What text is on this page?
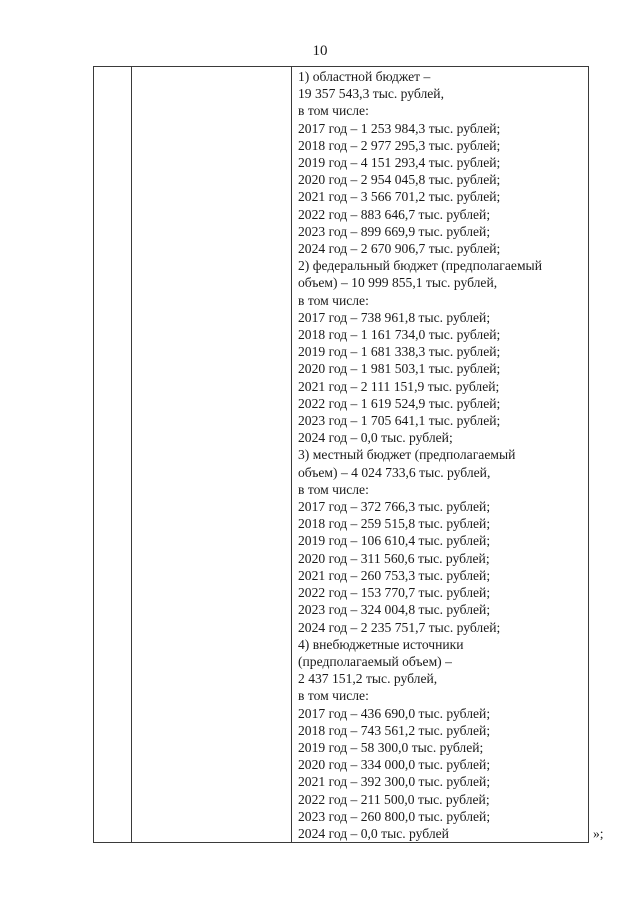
10

1) областной бюджет –
19 357 543,3 тыс. рублей,
в том числе:
2017 год – 1 253 984,3 тыс. рублей;
2018 год – 2 977 295,3 тыс. рублей;
2019 год – 4 151 293,4 тыс. рублей;
2020 год – 2 954 045,8 тыс. рублей;
2021 год – 3 566 701,2 тыс. рублей;
2022 год – 883 646,7 тыс. рублей;
2023 год – 899 669,9 тыс. рублей;
2024 год – 2 670 906,7 тыс. рублей;
2) федеральный бюджет (предполагаемый
объем) – 10 999 855,1 тыс. рублей,
в том числе:
2017 год – 738 961,8 тыс. рублей;
2018 год – 1 161 734,0 тыс. рублей;
2019 год – 1 681 338,3 тыс. рублей;
2020 год – 1 981 503,1 тыс. рублей;
2021 год – 2 111 151,9 тыс. рублей;
2022 год – 1 619 524,9 тыс. рублей;
2023 год – 1 705 641,1 тыс. рублей;
2024 год – 0,0 тыс. рублей;
3) местный бюджет (предполагаемый
объем) – 4 024 733,6 тыс. рублей,
в том числе:
2017 год – 372 766,3 тыс. рублей;
2018 год – 259 515,8 тыс. рублей;
2019 год – 106 610,4 тыс. рублей;
2020 год – 311 560,6 тыс. рублей;
2021 год – 260 753,3 тыс. рублей;
2022 год – 153 770,7 тыс. рублей;
2023 год – 324 004,8 тыс. рублей;
2024 год – 2 235 751,7 тыс. рублей;
4) внебюджетные источники
(предполагаемый объем) –
2 437 151,2 тыс. рублей,
в том числе:
2017 год – 436 690,0 тыс. рублей;
2018 год – 743 561,2 тыс. рублей;
2019 год – 58 300,0 тыс. рублей;
2020 год – 334 000,0 тыс. рублей;
2021 год – 392 300,0 тыс. рублей;
2022 год – 211 500,0 тыс. рублей;
2023 год – 260 800,0 тыс. рублей;
2024 год – 0,0 тыс. рублей	»;
